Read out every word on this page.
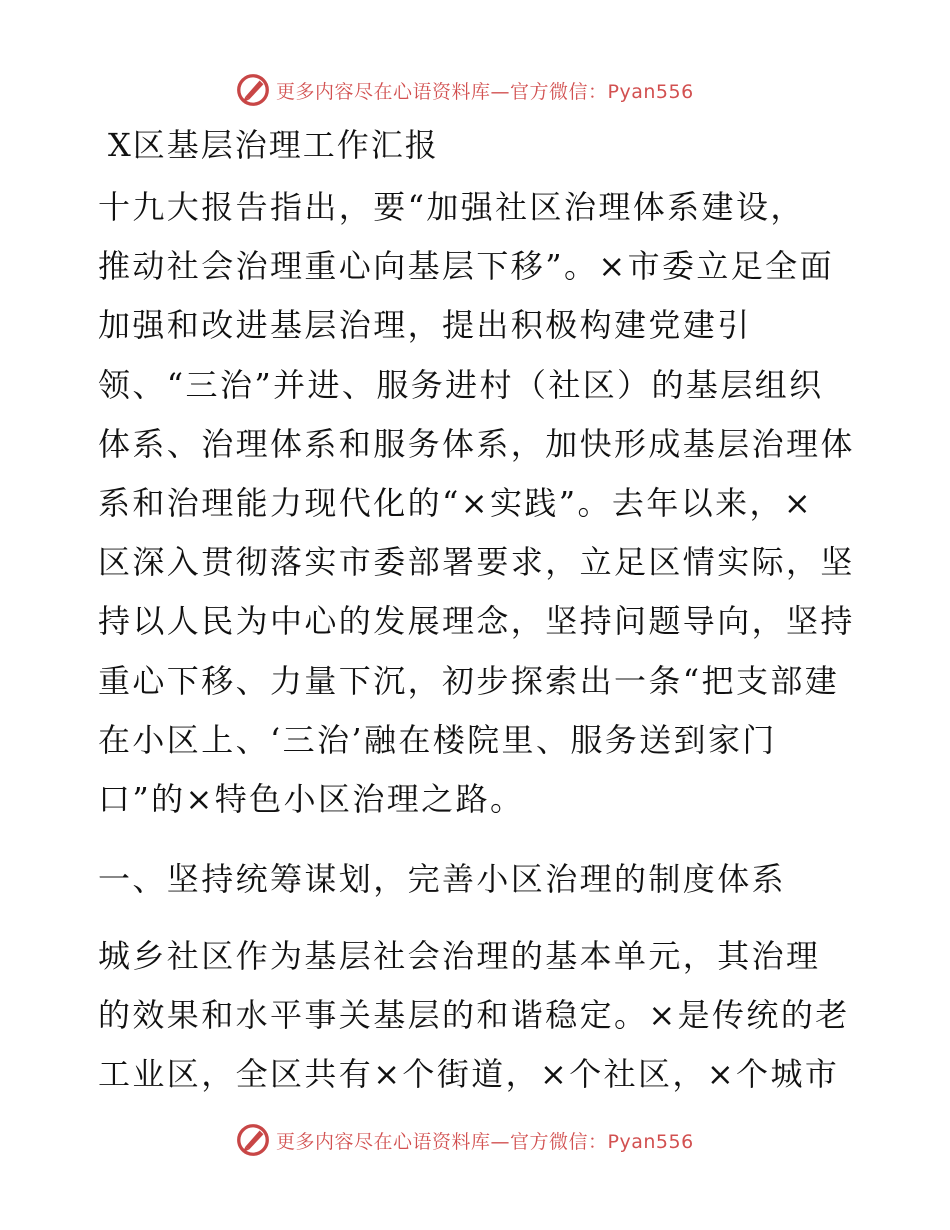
更多内容尽在心语资料库—官方微信：Pyan556
X区基层治理工作汇报
十九大报告指出，要“加强社区治理体系建设，
推动社会治理重心向基层下移”。×市委立足全面
加强和改进基层治理，提出积极构建党建引
领、“三治”并进、服务进村（社区）的基层组织
体系、治理体系和服务体系，加快形成基层治理体
系和治理能力现代化的“×实践”。去年以来，×
区深入贯彻落实市委部署要求，立足区情实际，坚
持以人民为中心的发展理念，坚持问题导向，坚持
重心下移、力量下沉，初步探索出一条“把支部建
在小区上、‘三治’融在楼院里、服务送到家门
口”的×特色小区治理之路。
一、坚持统筹谋划，完善小区治理的制度体系
城乡社区作为基层社会治理的基本单元，其治理
的效果和水平事关基层的和谐稳定。×是传统的老
工业区，全区共有×个街道，×个社区，×个城市
更多内容尽在心语资料库—官方微信：Pyan556
